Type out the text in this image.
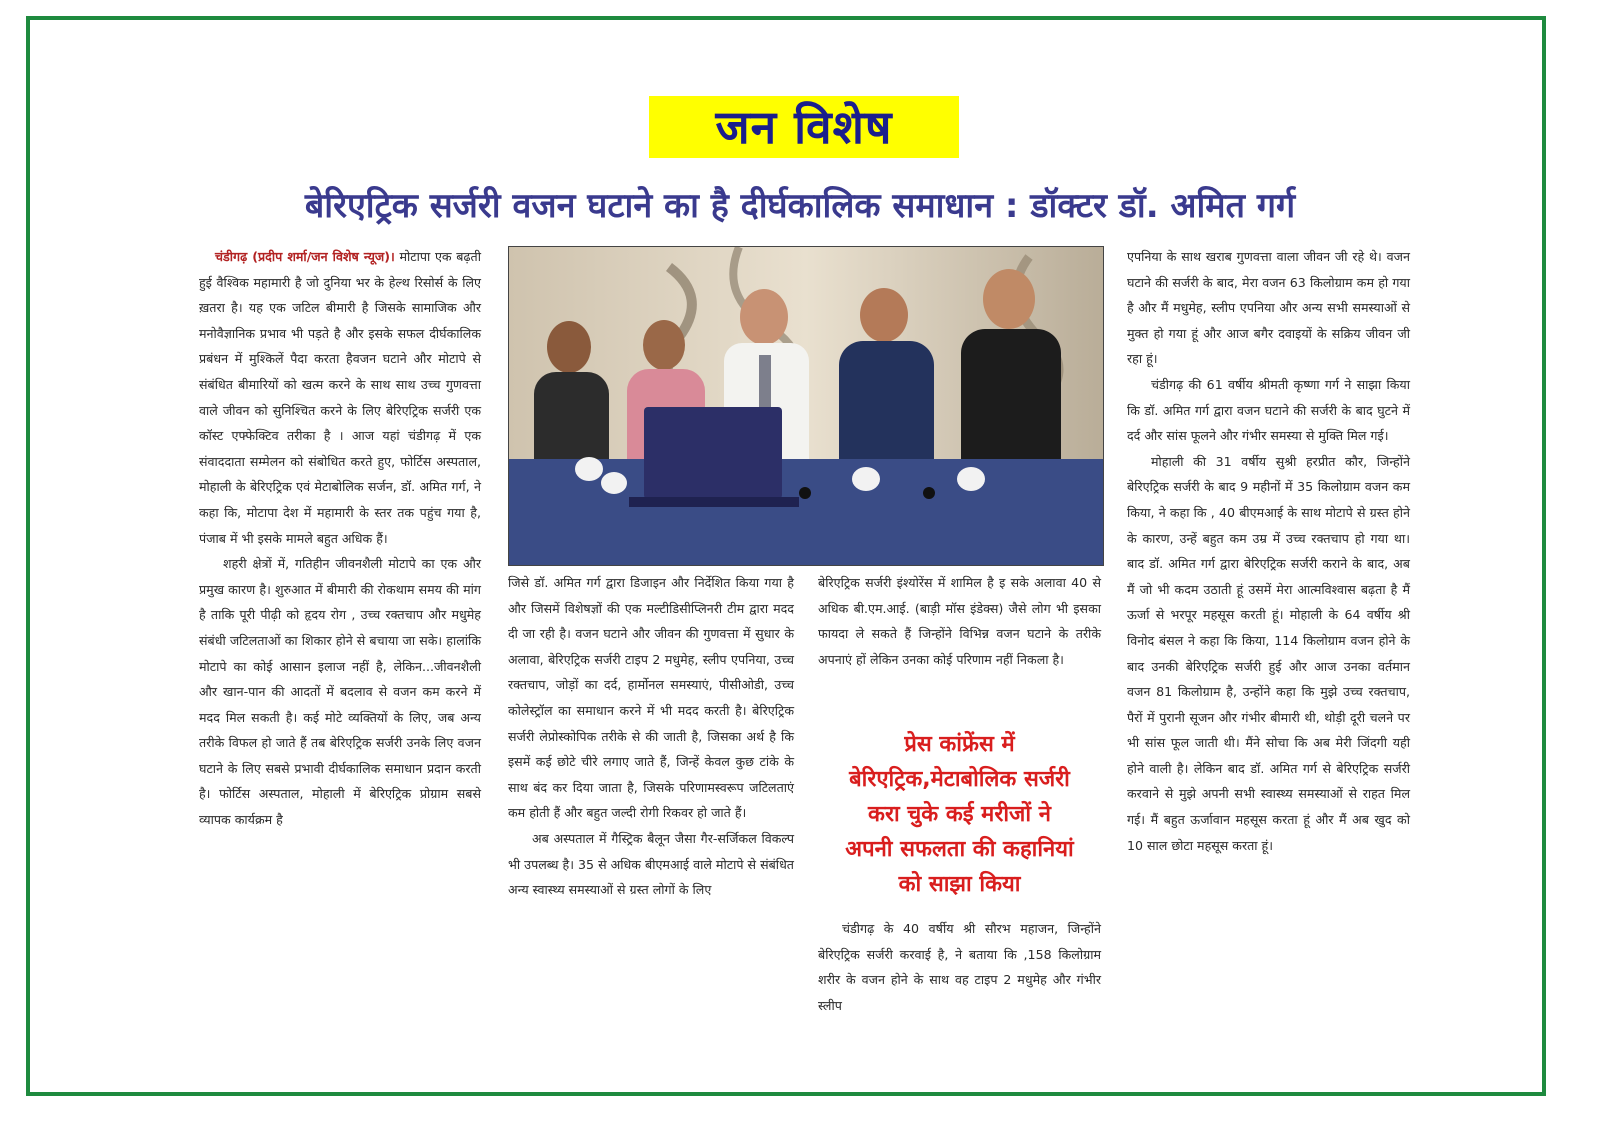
जन विशेष
बेरिएट्रिक सर्जरी वजन घटाने का है दीर्घकालिक समाधान : डॉक्टर डॉ. अमित गर्ग

चंडीगढ़ (प्रदीप शर्मा/जन विशेष न्यूज)। मोटापा एक बढ़ती हुई वैश्विक महामारी है जो दुनिया भर के हेल्थ रिसोर्स के लिए ख़तरा है। यह एक जटिल बीमारी है जिसके सामाजिक और मनोवैज्ञानिक प्रभाव भी पड़ते है और इसके सफल दीर्घकालिक प्रबंधन में मुश्किलें पैदा करता हैवजन घटाने और मोटापे से संबंधित बीमारियों को खत्म करने के साथ साथ उच्च गुणवत्ता वाले जीवन को सुनिश्चित करने के लिए बेरिएट्रिक सर्जरी एक कॉस्ट एफ्फेक्टिव तरीका है । आज यहां चंडीगढ़ में एक संवाददाता सम्मेलन को संबोधित करते हुए, फोर्टिस अस्पताल, मोहाली के बेरिएट्रिक एवं मेटाबोलिक सर्जन, डॉ. अमित गर्ग, ने कहा कि, मोटापा देश में महामारी के स्तर तक पहुंच गया है, पंजाब में भी इसके मामले बहुत अधिक हैं।

शहरी क्षेत्रों में, गतिहीन जीवनशैली मोटापे का एक और प्रमुख कारण है। शुरुआत में बीमारी की रोकथाम समय की मांग है ताकि पूरी पीढ़ी को हृदय रोग , उच्च रक्तचाप और मधुमेह संबंधी जटिलताओं का शिकार होने से बचाया जा सके। हालांकि मोटापे का कोई आसान इलाज नहीं है, लेकिन...जीवनशैली और खान-पान की आदतों में बदलाव से वजन कम करने में मदद मिल सकती है। कई मोटे व्यक्तियों के लिए, जब अन्य तरीके विफल हो जाते हैं तब बेरिएट्रिक सर्जरी उनके लिए वजन घटाने के लिए सबसे प्रभावी दीर्घकालिक समाधान प्रदान करती है। फोर्टिस अस्पताल, मोहाली में बेरिएट्रिक प्रोग्राम सबसे व्यापक कार्यक्रम है

जिसे डॉ. अमित गर्ग द्वारा डिजाइन और निर्देशित किया गया है और जिसमें विशेषज्ञों की एक मल्टीडिसीप्लिनरी टीम द्वारा मदद दी जा रही है। वजन घटाने और जीवन की गुणवत्ता में सुधार के अलावा, बेरिएट्रिक सर्जरी टाइप 2 मधुमेह, स्लीप एपनिया, उच्च रक्तचाप, जोड़ों का दर्द, हार्मोनल समस्याएं, पीसीओडी, उच्च कोलेस्ट्रॉल का समाधान करने में भी मदद करती है। बेरिएट्रिक सर्जरी लेप्रोस्कोपिक तरीके से की जाती है, जिसका अर्थ है कि इसमें कई छोटे चीरे लगाए जाते हैं, जिन्हें केवल कुछ टांके के साथ बंद कर दिया जाता है, जिसके परिणामस्वरूप जटिलताएं कम होती हैं और बहुत जल्दी रोगी रिकवर हो जाते हैं।

अब अस्पताल में गैस्ट्रिक बैलून जैसा गैर-सर्जिकल विकल्प भी उपलब्ध है। 35 से अधिक बीएमआई वाले मोटापे से संबंधित अन्य स्वास्थ्य समस्याओं से ग्रस्त लोगों के लिए

बेरिएट्रिक सर्जरी इंश्योरेंस में शामिल है इ सके अलावा 40 से अधिक बी.एम.आई. (बाड़ी मॉस इंडेक्स) जैसे लोग भी इसका फायदा ले सकते हैं जिन्होंने विभिन्न वजन घटाने के तरीके अपनाएं हों लेकिन उनका कोई परिणाम नहीं निकला है।

प्रेस कांफ्रेंस में
बेरिएट्रिक,मेटाबोलिक सर्जरी
करा चुके कई मरीजों ने
अपनी सफलता की कहानियां
को साझा किया

चंडीगढ़ के 40 वर्षीय श्री सौरभ महाजन, जिन्होंने बेरिएट्रिक सर्जरी करवाई है, ने बताया कि ,158 किलोग्राम शरीर के वजन होने के साथ वह टाइप 2 मधुमेह और गंभीर स्लीप

एपनिया के साथ खराब गुणवत्ता वाला जीवन जी रहे थे। वजन घटाने की सर्जरी के बाद, मेरा वजन 63 किलोग्राम कम हो गया है और मैं मधुमेह, स्लीप एपनिया और अन्य सभी समस्याओं से मुक्त हो गया हूं और आज बगैर दवाइयों के सक्रिय जीवन जी रहा हूं।

चंडीगढ़ की 61 वर्षीय श्रीमती कृष्णा गर्ग ने साझा किया कि डॉ. अमित गर्ग द्वारा वजन घटाने की सर्जरी के बाद घुटने में दर्द और सांस फूलने और गंभीर समस्या से मुक्ति मिल गई।

मोहाली की 31 वर्षीय सुश्री हरप्रीत कौर, जिन्होंने बेरिएट्रिक सर्जरी के बाद 9 महीनों में 35 किलोग्राम वजन कम किया, ने कहा कि , 40 बीएमआई के साथ मोटापे से ग्रस्त होने के कारण, उन्हें बहुत कम उम्र में उच्च रक्तचाप हो गया था। बाद डॉ. अमित गर्ग द्वारा बेरिएट्रिक सर्जरी कराने के बाद, अब मैं जो भी कदम उठाती हूं उसमें मेरा आत्मविश्वास बढ़ता है मैं ऊर्जा से भरपूर महसूस करती हूं। मोहाली के 64 वर्षीय श्री विनोद बंसल ने कहा कि किया, 114 किलोग्राम वजन होने के बाद उनकी बेरिएट्रिक सर्जरी हुई और आज उनका वर्तमान वजन 81 किलोग्राम है, उन्होंने कहा कि मुझे उच्च रक्तचाप, पैरों में पुरानी सूजन और गंभीर बीमारी थी, थोड़ी दूरी चलने पर भी सांस फूल जाती थी। मैंने सोचा कि अब मेरी जिंदगी यही होने वाली है। लेकिन बाद डॉ. अमित गर्ग से बेरिएट्रिक सर्जरी करवाने से मुझे अपनी सभी स्वास्थ्य समस्याओं से राहत मिल गई। मैं बहुत ऊर्जावान महसूस करता हूं और मैं अब खुद को 10 साल छोटा महसूस करता हूं।
